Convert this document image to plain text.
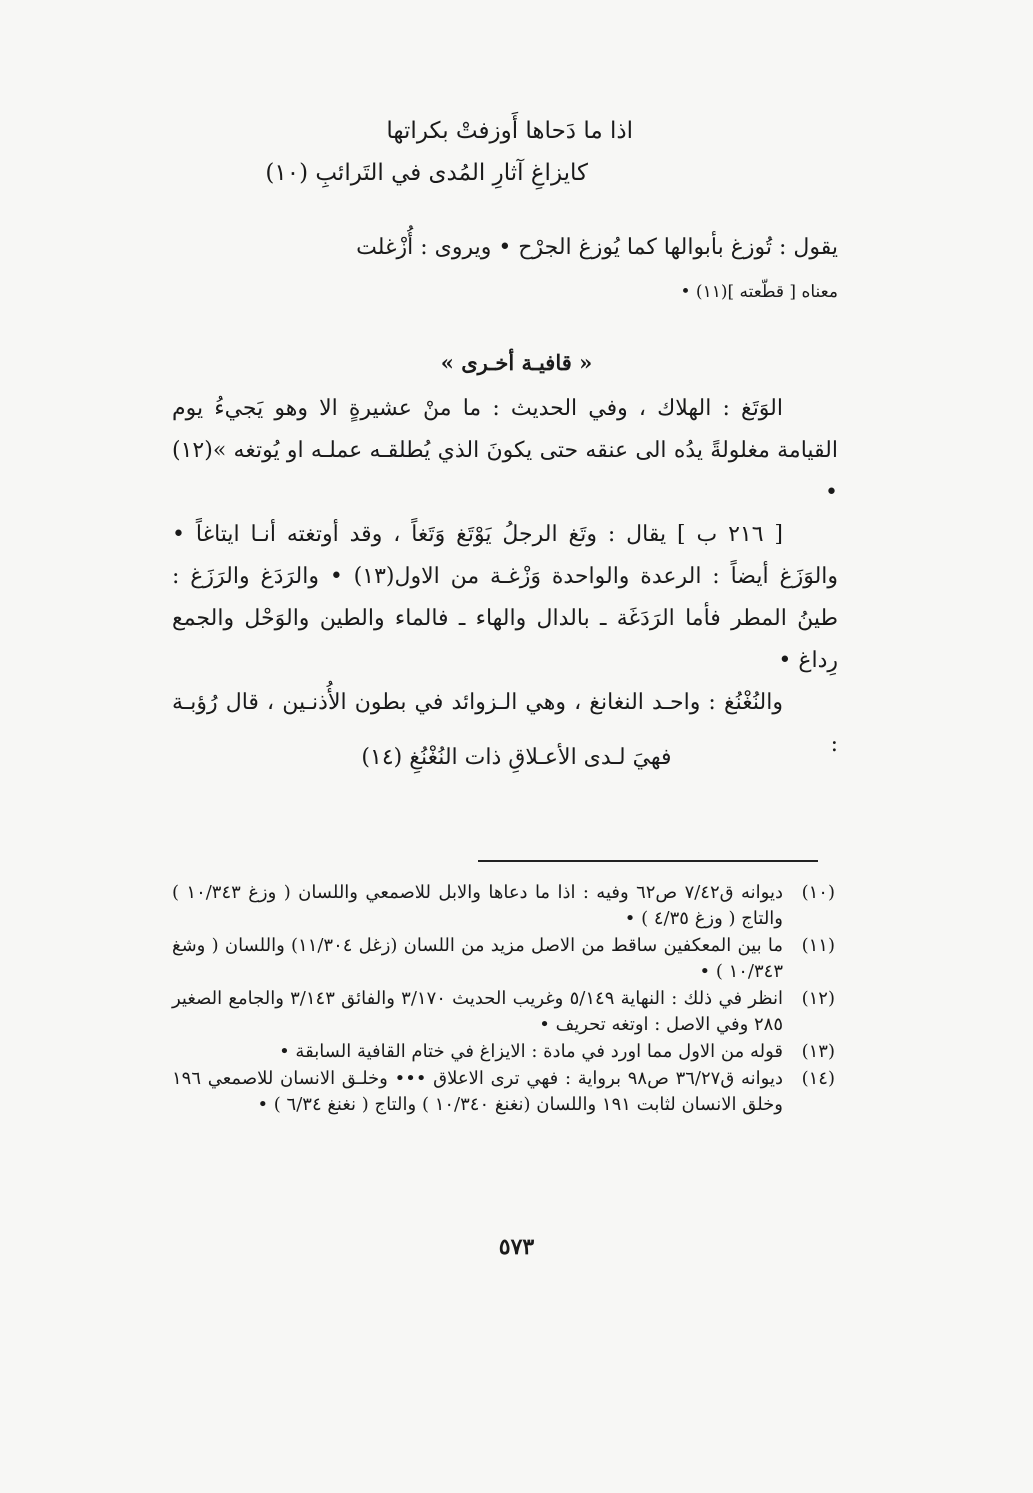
اذا ما دَحاها أَوزفتْ بكراتها
كايزاغِ آثارِ المُدى في التَرائبِ (١٠)
يقول : تُوزغ بأبوالها كما يُوزغ الجرْح • ويروى : أُزْغلت
معناه [ قطّعته ](١١) •
« قافيـة أخـرى »

الوَتَغ : الهلاك ، وفي الحديث : ما منْ عشيرةٍ الا وهو يَجيءُ يوم القيامة مغلولةً يدُه الى عنقه حتى يكونَ الذي يُطلقـه عملـه او يُوتغه »(١٢) •

[ ٢١٦ ب ] يقال : وتَغ الرجلُ يَوْتَغ وَتَغاً ، وقد أوتغته أنـا ايتاغاً • والوَزَغ أيضاً : الرعدة والواحدة وَزْغـة من الاول(١٣) • والرَدَغ والرَزَغ : طينُ المطر فأما الرَدَغَة ـ بالدال والهاء ـ فالماء والطين والوَحْل والجمع رِداغ •

والنُغْنُغ : واحـد النغانغ ، وهي الـزوائد في بطون الأُذنـين ، قال رُؤبـة :

فهيَ لـدى الأعـلاقِ ذات النُغْنُغِ (١٤)
(١٠)
ديوانه ق٧/٤٢ ص٦٢ وفيه : اذا ما دعاها والابل للاصمعي واللسان ( وزغ ١٠/٣٤٣ ) والتاج ( وزغ ٤/٣٥ ) •
(١١)
ما بين المعكفين ساقط من الاصل مزيد من اللسان (زغل ١١/٣٠٤) واللسان ( وشغ ١٠/٣٤٣ ) •
(١٢)
انظر في ذلك : النهاية ٥/١٤٩ وغريب الحديث ٣/١٧٠ والفائق ٣/١٤٣ والجامع الصغير ٢٨٥ وفي الاصل : اوتغه تحريف •
(١٣)
قوله من الاول مما اورد في مادة : الايزاغ في ختام القافية السابقة •
(١٤)
ديوانه ق٣٦/٢٧ ص٩٨ برواية : فهي ترى الاعلاق ••• وخلـق الانسان للاصمعي ١٩٦ وخلق الانسان لثابت ١٩١ واللسان (نغنغ ١٠/٣٤٠ ) والتاج ( نغنغ ٦/٣٤ ) •
٥٧٣
